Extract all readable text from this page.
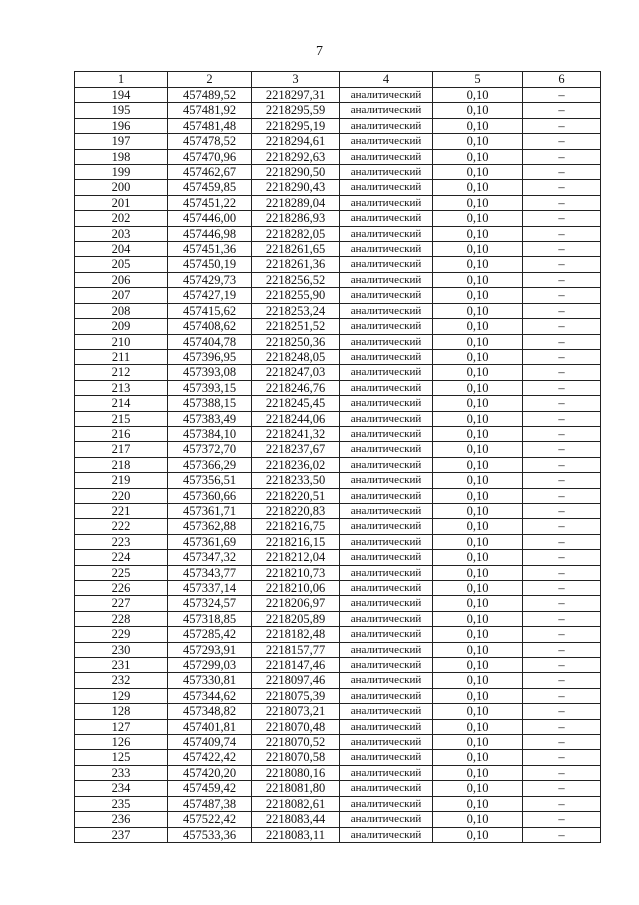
7
1	2	3	4	5	6
194	457489,52	2218297,31	аналитический	0,10	–
195	457481,92	2218295,59	аналитический	0,10	–
196	457481,48	2218295,19	аналитический	0,10	–
197	457478,52	2218294,61	аналитический	0,10	–
198	457470,96	2218292,63	аналитический	0,10	–
199	457462,67	2218290,50	аналитический	0,10	–
200	457459,85	2218290,43	аналитический	0,10	–
201	457451,22	2218289,04	аналитический	0,10	–
202	457446,00	2218286,93	аналитический	0,10	–
203	457446,98	2218282,05	аналитический	0,10	–
204	457451,36	2218261,65	аналитический	0,10	–
205	457450,19	2218261,36	аналитический	0,10	–
206	457429,73	2218256,52	аналитический	0,10	–
207	457427,19	2218255,90	аналитический	0,10	–
208	457415,62	2218253,24	аналитический	0,10	–
209	457408,62	2218251,52	аналитический	0,10	–
210	457404,78	2218250,36	аналитический	0,10	–
211	457396,95	2218248,05	аналитический	0,10	–
212	457393,08	2218247,03	аналитический	0,10	–
213	457393,15	2218246,76	аналитический	0,10	–
214	457388,15	2218245,45	аналитический	0,10	–
215	457383,49	2218244,06	аналитический	0,10	–
216	457384,10	2218241,32	аналитический	0,10	–
217	457372,70	2218237,67	аналитический	0,10	–
218	457366,29	2218236,02	аналитический	0,10	–
219	457356,51	2218233,50	аналитический	0,10	–
220	457360,66	2218220,51	аналитический	0,10	–
221	457361,71	2218220,83	аналитический	0,10	–
222	457362,88	2218216,75	аналитический	0,10	–
223	457361,69	2218216,15	аналитический	0,10	–
224	457347,32	2218212,04	аналитический	0,10	–
225	457343,77	2218210,73	аналитический	0,10	–
226	457337,14	2218210,06	аналитический	0,10	–
227	457324,57	2218206,97	аналитический	0,10	–
228	457318,85	2218205,89	аналитический	0,10	–
229	457285,42	2218182,48	аналитический	0,10	–
230	457293,91	2218157,77	аналитический	0,10	–
231	457299,03	2218147,46	аналитический	0,10	–
232	457330,81	2218097,46	аналитический	0,10	–
129	457344,62	2218075,39	аналитический	0,10	–
128	457348,82	2218073,21	аналитический	0,10	–
127	457401,81	2218070,48	аналитический	0,10	–
126	457409,74	2218070,52	аналитический	0,10	–
125	457422,42	2218070,58	аналитический	0,10	–
233	457420,20	2218080,16	аналитический	0,10	–
234	457459,42	2218081,80	аналитический	0,10	–
235	457487,38	2218082,61	аналитический	0,10	–
236	457522,42	2218083,44	аналитический	0,10	–
237	457533,36	2218083,11	аналитический	0,10	–
